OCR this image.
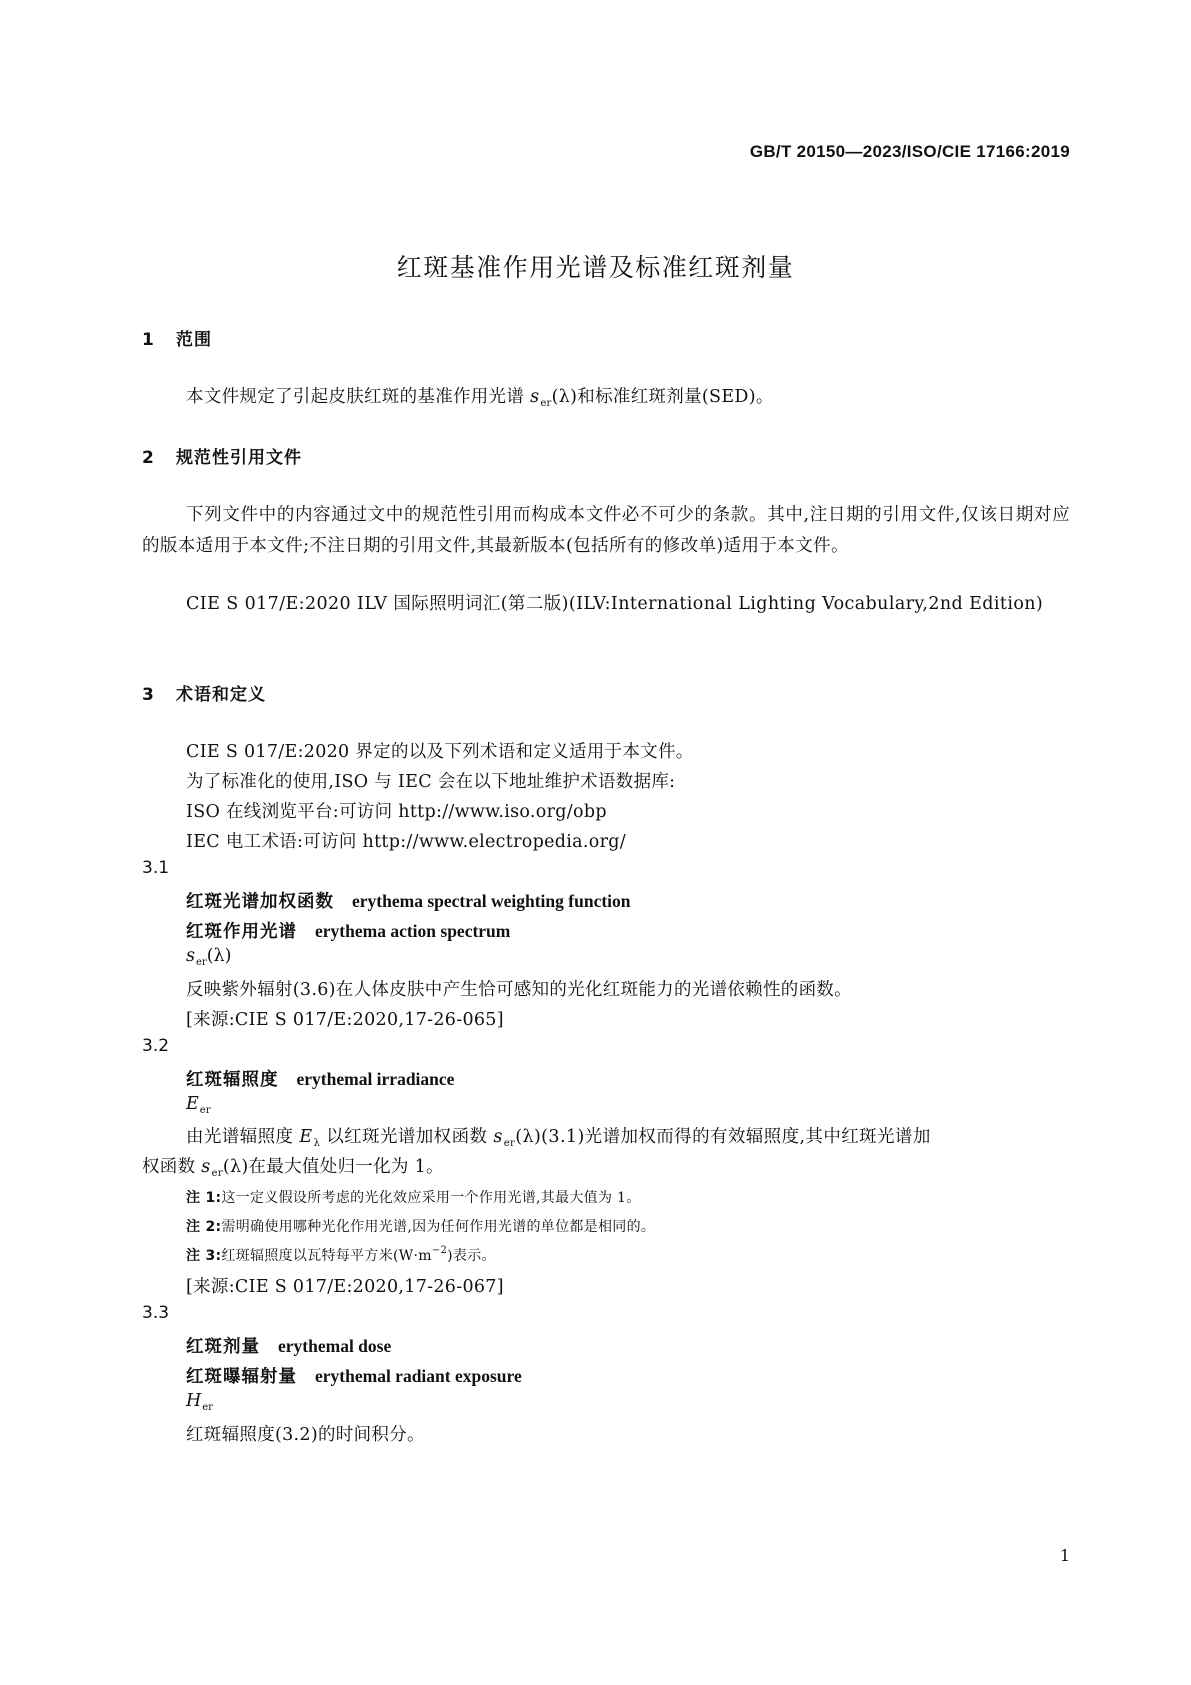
GB/T 20150—2023/ISO/CIE 17166:2019
红斑基准作用光谱及标准红斑剂量
1 范围
本文件规定了引起皮肤红斑的基准作用光谱 $s_{er}(\lambda)$和标准红斑剂量(SED)。
2 规范性引用文件
下列文件中的内容通过文中的规范性引用而构成本文件必不可少的条款。其中,注日期的引用文件,仅该日期对应的版本适用于本文件;不注日期的引用文件,其最新版本(包括所有的修改单)适用于本文件。
CIE S 017/E:2020 ILV 国际照明词汇(第二版)(ILV:International Lighting Vocabulary,2nd Edition)
3 术语和定义
CIE S 017/E:2020 界定的以及下列术语和定义适用于本文件。
为了标准化的使用,ISO 与 IEC 会在以下地址维护术语数据库:
ISO 在线浏览平台:可访问 http://www.iso.org/obp
IEC 电工术语:可访问 http://www.electropedia.org/
3.1
红斑光谱加权函数 erythema spectral weighting function
红斑作用光谱 erythema action spectrum
$s_{er}(\lambda)$
反映紫外辐射(3.6)在人体皮肤中产生恰可感知的光化红斑能力的光谱依赖性的函数。
[来源:CIE S 017/E:2020,17-26-065]
3.2
红斑辐照度 erythemal irradiance
$E_{er}$
由光谱辐照度 $E_\lambda$ 以红斑光谱加权函数 $s_{er}(\lambda)(3.1)$光谱加权而得的有效辐照度,其中红斑光谱加
权函数 $s_{er}(\lambda)$在最大值处归一化为 1。
注 1:这一定义假设所考虑的光化效应采用一个作用光谱,其最大值为 1。
注 2:需明确使用哪种光化作用光谱,因为任何作用光谱的单位都是相同的。
注 3:红斑辐照度以瓦特每平方米$(W\cdot m^{-2})$表示。
[来源:CIE S 017/E:2020,17-26-067]
3.3
红斑剂量 erythemal dose
红斑曝辐射量 erythemal radiant exposure
$H_{er}$
红斑辐照度(3.2)的时间积分。
1
